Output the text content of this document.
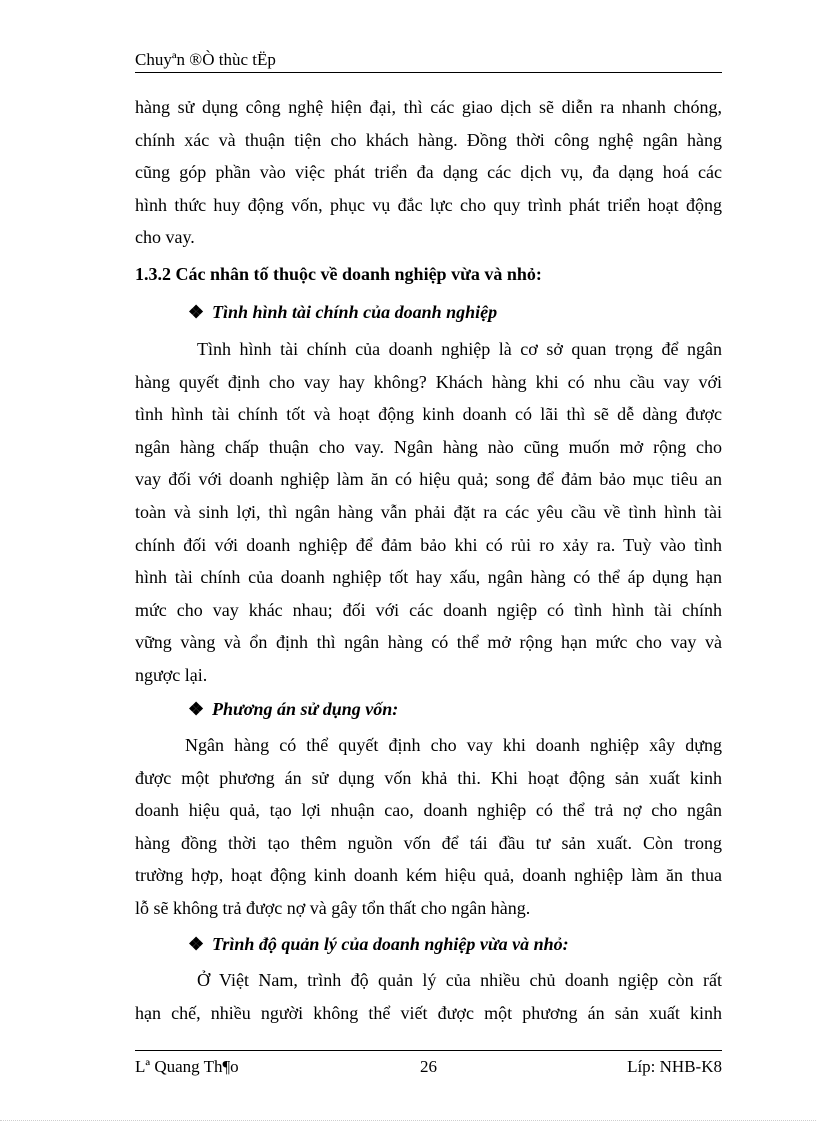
Chuyªn ®Ò thùc tËp
hàng sử dụng công nghệ hiện đại, thì các giao dịch sẽ diễn ra nhanh chóng,
chính xác và thuận tiện cho khách hàng. Đồng thời công nghệ ngân hàng
cũng góp phần vào việc phát triển đa dạng các dịch vụ, đa dạng hoá các
hình thức huy động vốn, phục vụ đắc lực cho quy trình phát triển hoạt động
cho vay.
1.3.2 Các nhân tố thuộc về doanh nghiệp vừa và nhỏ:
❖ Tình hình tài chính của doanh nghiệp
Tình hình tài chính của doanh nghiệp là cơ sở quan trọng để ngân
hàng quyết định cho vay hay không? Khách hàng khi có nhu cầu vay với
tình hình tài chính tốt và hoạt động kinh doanh có lãi thì sẽ dễ dàng được
ngân hàng chấp thuận cho vay. Ngân hàng nào cũng muốn mở rộng cho
vay đối với doanh nghiệp làm ăn có hiệu quả; song để đảm bảo mục tiêu an
toàn và sinh lợi, thì ngân hàng vẫn phải đặt ra các yêu cầu về tình hình tài
chính đối với doanh nghiệp để đảm bảo khi có rủi ro xảy ra. Tuỳ vào tình
hình tài chính của doanh nghiệp tốt hay xấu, ngân hàng có thể áp dụng hạn
mức cho vay khác nhau; đối với các doanh ngiệp có tình hình tài chính
vững vàng và ổn định thì ngân hàng có thể mở rộng hạn mức cho vay và
ngược lại.
❖ Phương án sử dụng vốn:
Ngân hàng có thể quyết định cho vay khi doanh nghiệp xây dựng
được một phương án sử dụng vốn khả thi. Khi hoạt động sản xuất kinh
doanh hiệu quả, tạo lợi nhuận cao, doanh nghiệp có thể trả nợ cho ngân
hàng đồng thời tạo thêm nguồn vốn để tái đầu tư sản xuất. Còn trong
trường hợp, hoạt động kinh doanh kém hiệu quả, doanh nghiệp làm ăn thua
lỗ sẽ không trả được nợ và gây tổn thất cho ngân hàng.
❖ Trình độ quản lý của doanh nghiệp vừa và nhỏ:
Ở Việt Nam, trình độ quản lý của nhiều chủ doanh ngiệp còn rất
hạn chế, nhiều người không thể viết được một phương án sản xuất kinh
Lª Quang Th¶o	26	Líp: NHB-K8
